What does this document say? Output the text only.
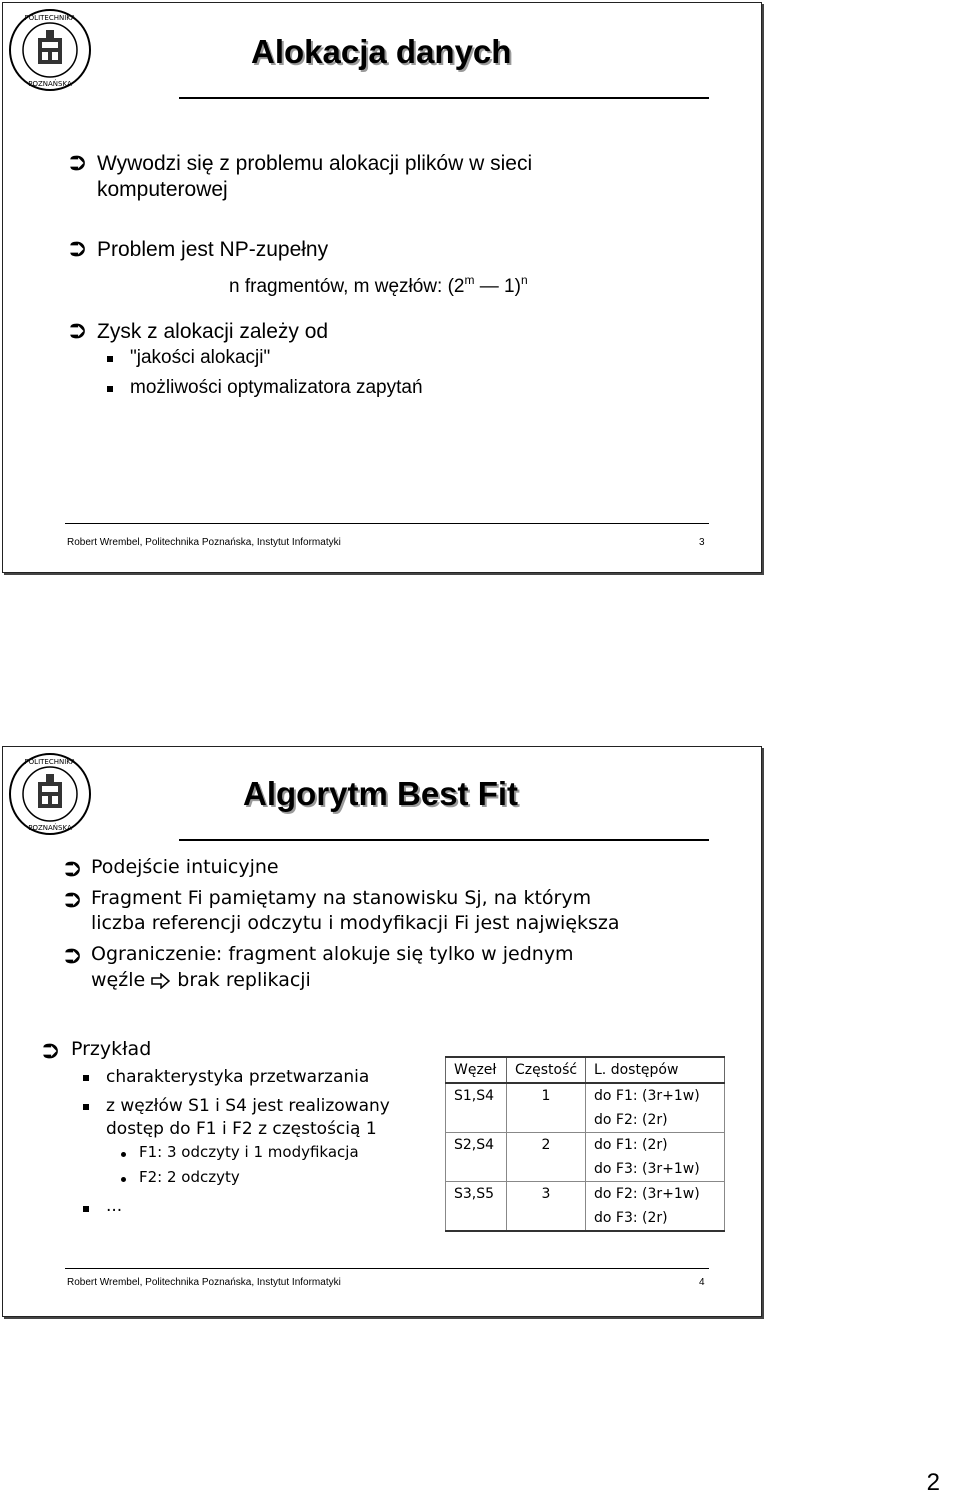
POLITECHNIKA
POZNAŃSKA
Alokacja danych
⮊ Wywodzi się z problemu alokacji plików w sieci
komputerowej
⮊ Problem jest NP-zupełny
n fragmentów, m węzłów: (2$^m$ — 1)$^n$
⮊ Zysk z alokacji zależy od
"jakości alokacji"
możliwości optymalizatora zapytań
Robert Wrembel, Politechnika Poznańska, Instytut Informatyki	3
POLITECHNIKA
POZNAŃSKA
Algorytm Best Fit
⮊ Podejście intuicyjne
⮊ Fragment Fi pamiętamy na stanowisku Sj, na którym
liczba referencji odczytu i modyfikacji Fi jest największa
⮊ Ograniczenie: fragment alokuje się tylko w jednym
węźle brak replikacji
⮊ Przykład
charakterystyka przetwarzania
z węzłów S1 i S4 jest realizowany
dostęp do F1 i F2 z częstością 1
F1: 3 odczyty i 1 modyfikacja
F2: 2 odczyty
...
Węzeł	Częstość	L. dostępów
S1,S4	1	do F1: (3r+1w)
		do F2: (2r)
S2,S4	2	do F1: (2r)
		do F3: (3r+1w)
S3,S5	3	do F2: (3r+1w)
		do F3: (2r)
Robert Wrembel, Politechnika Poznańska, Instytut Informatyki	4
2
